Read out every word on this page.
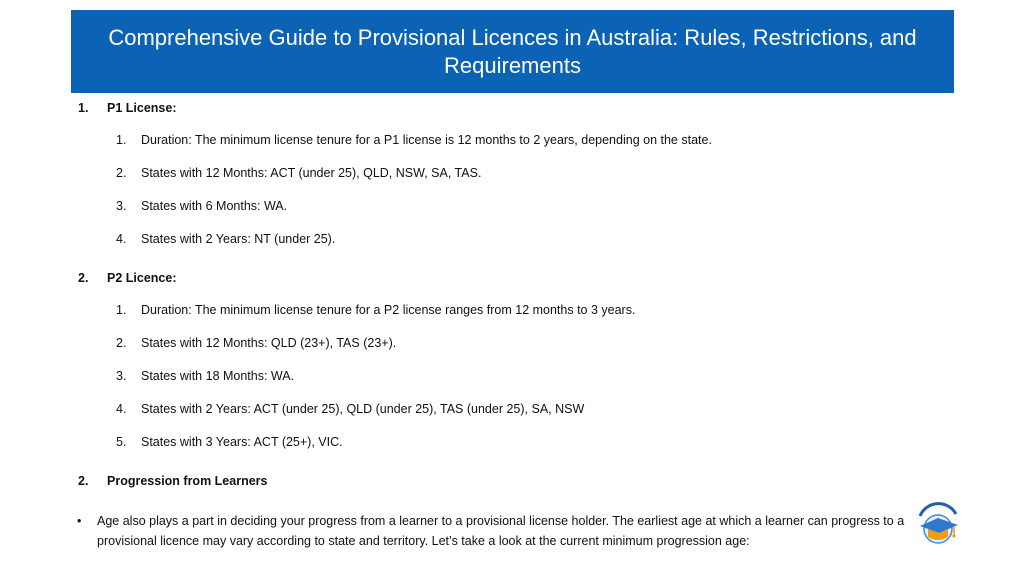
Comprehensive Guide to Provisional Licences in Australia: Rules, Restrictions, and Requirements
1. P1 License:
1. Duration: The minimum license tenure for a P1 license is 12 months to 2 years, depending on the state.
2. States with 12 Months: ACT (under 25), QLD, NSW, SA, TAS.
3. States with 6 Months: WA.
4. States with 2 Years: NT (under 25).
2. P2 Licence:
1. Duration: The minimum license tenure for a P2 license ranges from 12 months to 3 years.
2. States with 12 Months: QLD (23+), TAS (23+).
3. States with 18 Months: WA.
4. States with 2 Years: ACT (under 25), QLD (under 25), TAS (under 25), SA, NSW
5. States with 3 Years: ACT (25+), VIC.
2. Progression from Learners
• Age also plays a part in deciding your progress from a learner to a provisional license holder. The earliest age at which a learner can progress to a provisional licence may vary according to state and territory. Let’s take a look at the current minimum progression age:
